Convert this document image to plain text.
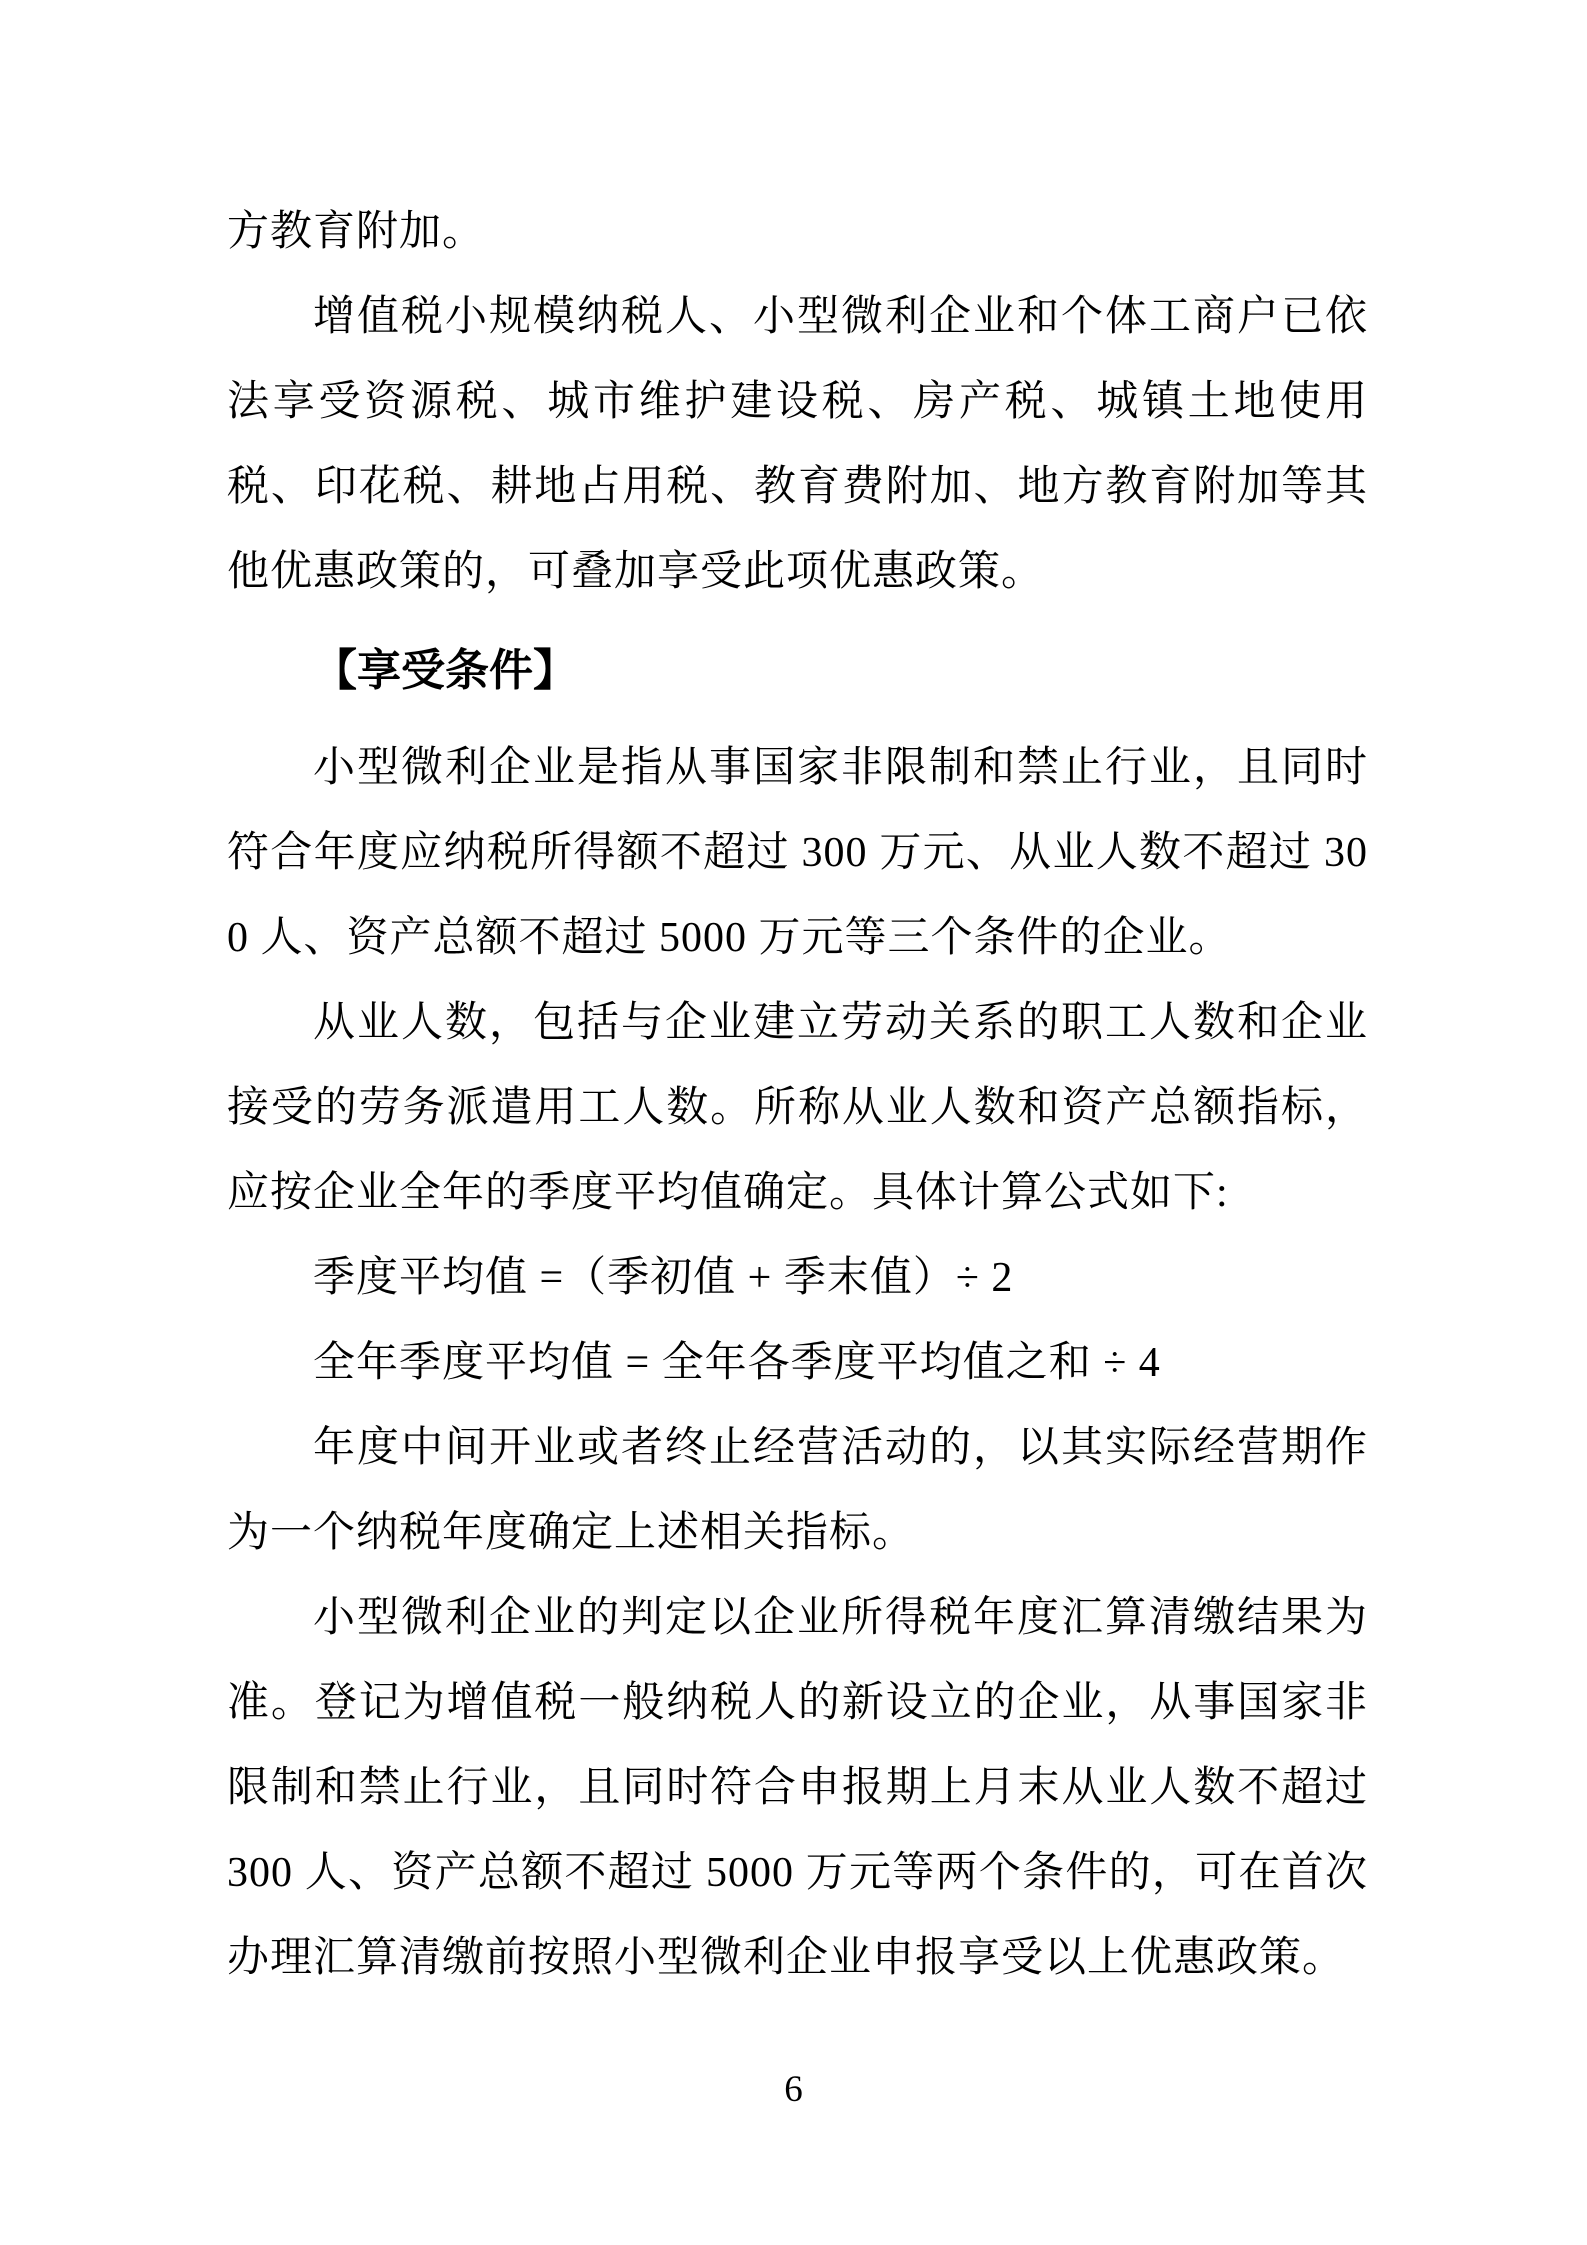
方教育附加。

增值税小规模纳税人、小型微利企业和个体工商户已依法享受资源税、城市维护建设税、房产税、城镇土地使用税、印花税、耕地占用税、教育费附加、地方教育附加等其他优惠政策的，可叠加享受此项优惠政策。

【享受条件】

小型微利企业是指从事国家非限制和禁止行业，且同时符合年度应纳税所得额不超过 300 万元、从业人数不超过 300 人、资产总额不超过 5000 万元等三个条件的企业。

从业人数，包括与企业建立劳动关系的职工人数和企业接受的劳务派遣用工人数。所称从业人数和资产总额指标，应按企业全年的季度平均值确定。具体计算公式如下:

季度平均值 =（季初值 + 季末值）÷ 2

全年季度平均值 = 全年各季度平均值之和 ÷ 4

年度中间开业或者终止经营活动的，以其实际经营期作为一个纳税年度确定上述相关指标。

小型微利企业的判定以企业所得税年度汇算清缴结果为准。登记为增值税一般纳税人的新设立的企业，从事国家非限制和禁止行业，且同时符合申报期上月末从业人数不超过 300 人、资产总额不超过 5000 万元等两个条件的，可在首次办理汇算清缴前按照小型微利企业申报享受以上优惠政策。

6
